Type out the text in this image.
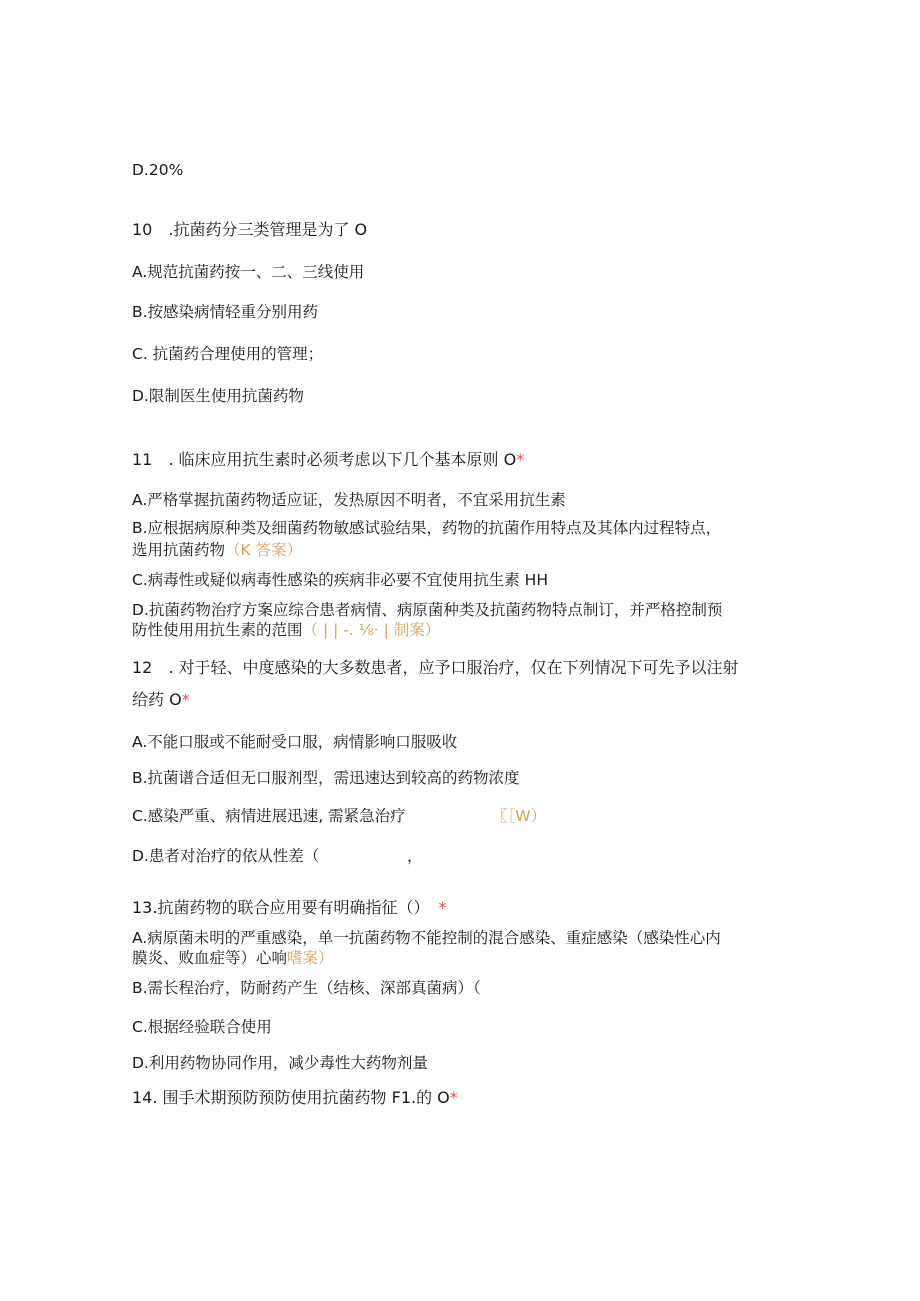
D.20%
10 .抗菌药分三类管理是为了 O
A.规范抗菌药按一、二、三线使用
B.按感染病情轻重分别用药
C. 抗菌药合理使用的管理；
D.限制医生使用抗菌药物
11 . 临床应用抗生素时必须考虑以下几个基本原则 O*
A.严格掌握抗菌药物适应证，发热原因不明者，不宜采用抗生素
B.应根据病原种类及细菌药物敏感试验结果，药物的抗菌作用特点及其体内过程特点，
选用抗菌药物（K 答案）
C.病毒性或疑似病毒性感染的疾病非必要不宜使用抗生素 HH
D.抗菌药物治疗方案应综合患者病情、病原菌种类及抗菌药物特点制订，并严格控制预
防性使用用抗生素的范围（ | | -. ⅛· | 制案）
12 . 对于轻、中度感染的大多数患者，应予口服治疗，仅在下列情况下可先予以注射
给药 O*
A.不能口服或不能耐受口服，病情影响口服吸收
B.抗菌谱合适但无口服剂型，需迅速达到较高的药物浓度
C.感染严重、病情进展迅速, 需紧急治疗	〖［W）
D.患者对治疗的依从性差（	，
13.抗菌药物的联合应用要有明确指征（） *
A.病原菌未明的严重感染，单一抗菌药物不能控制的混合感染、重症感染（感染性心内
膜炎、败血症等）心响嗜案）
B.需长程治疗，防耐药产生（结核、深部真菌病）（
C.根据经验联合使用
D.利用药物协同作用，减少毒性大药物剂量
14. 围手术期预防预防使用抗菌药物 F1.的 O*
